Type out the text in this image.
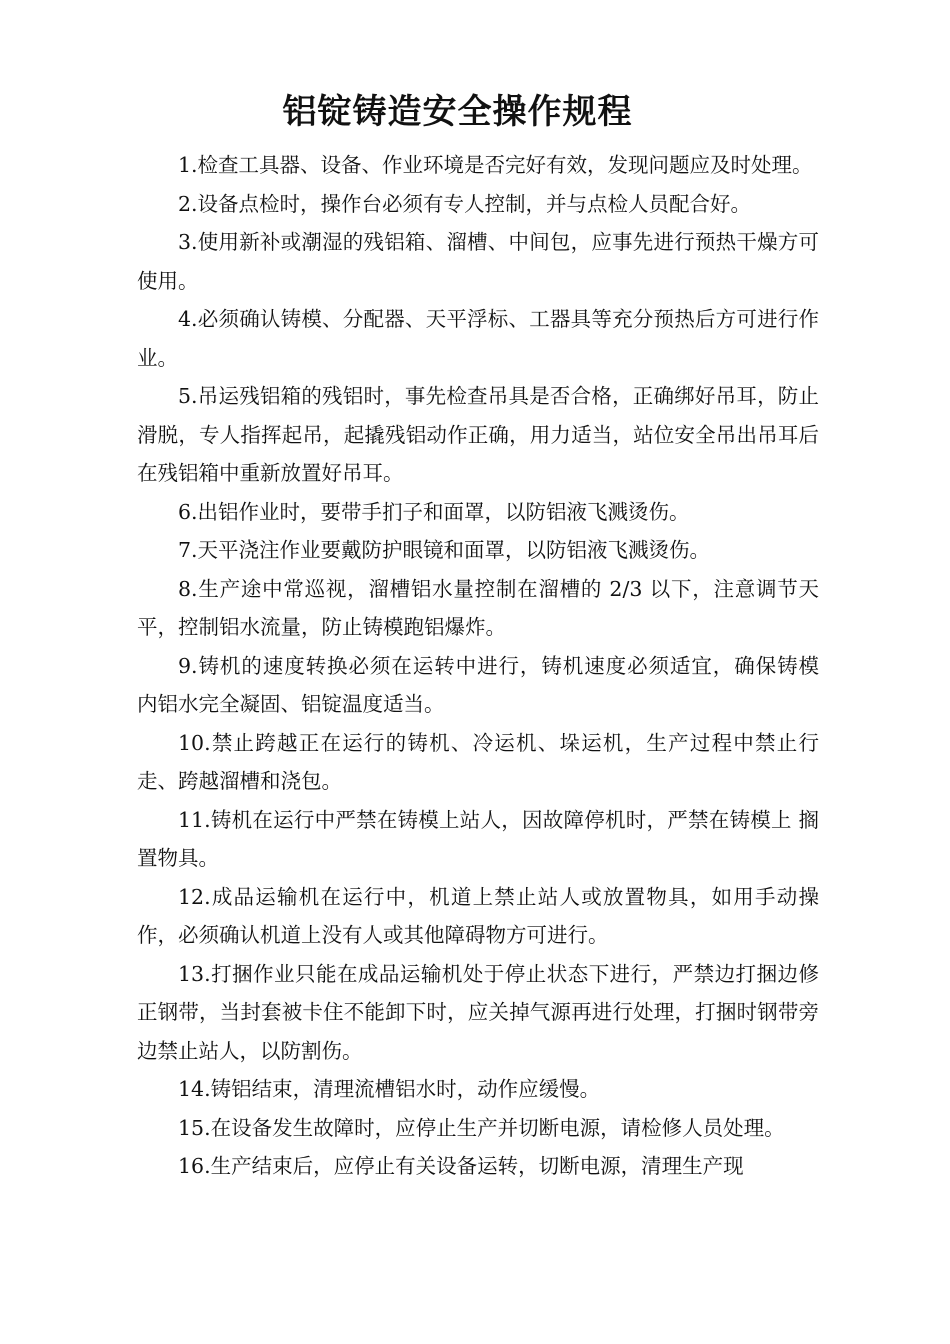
铝锭铸造安全操作规程

1.检查工具器、设备、作业环境是否完好有效，发现问题应及时处理。

2.设备点检时，操作台必须有专人控制，并与点检人员配合好。

3.使用新补或潮湿的残铝箱、溜槽、中间包，应事先进行预热干燥方可使用。

4.必须确认铸模、分配器、天平浮标、工器具等充分预热后方可进行作业。

5.吊运残铝箱的残铝时，事先检查吊具是否合格，正确绑好吊耳，防止滑脱，专人指挥起吊，起撬残铝动作正确，用力适当，站位安全吊出吊耳后在残铝箱中重新放置好吊耳。

6.出铝作业时，要带手扪子和面罩，以防铝液飞溅烫伤。

7.天平浇注作业要戴防护眼镜和面罩，以防铝液飞溅烫伤。

8.生产途中常巡视，溜槽铝水量控制在溜槽的 2/3 以下，注意调节天 平，控制铝水流量，防止铸模跑铝爆炸。

9.铸机的速度转换必须在运转中进行，铸机速度必须适宜，确保铸模 内铝水完全凝固、铝锭温度适当。

10.禁止跨越正在运行的铸机、冷运机、垛运机，生产过程中禁止行走、跨越溜槽和浇包。

11.铸机在运行中严禁在铸模上站人，因故障停机时，严禁在铸模上 搁置物具。

12.成品运输机在运行中，机道上禁止站人或放置物具，如用手动操作，必须确认机道上没有人或其他障碍物方可进行。

13.打捆作业只能在成品运输机处于停止状态下进行，严禁边打捆边修正钢带，当封套被卡住不能卸下时，应关掉气源再进行处理，打捆时钢带旁边禁止站人，以防割伤。

14.铸铝结束，清理流槽铝水时，动作应缓慢。

15.在设备发生故障时，应停止生产并切断电源，请检修人员处理。

16.生产结束后，应停止有关设备运转，切断电源，清理生产现
